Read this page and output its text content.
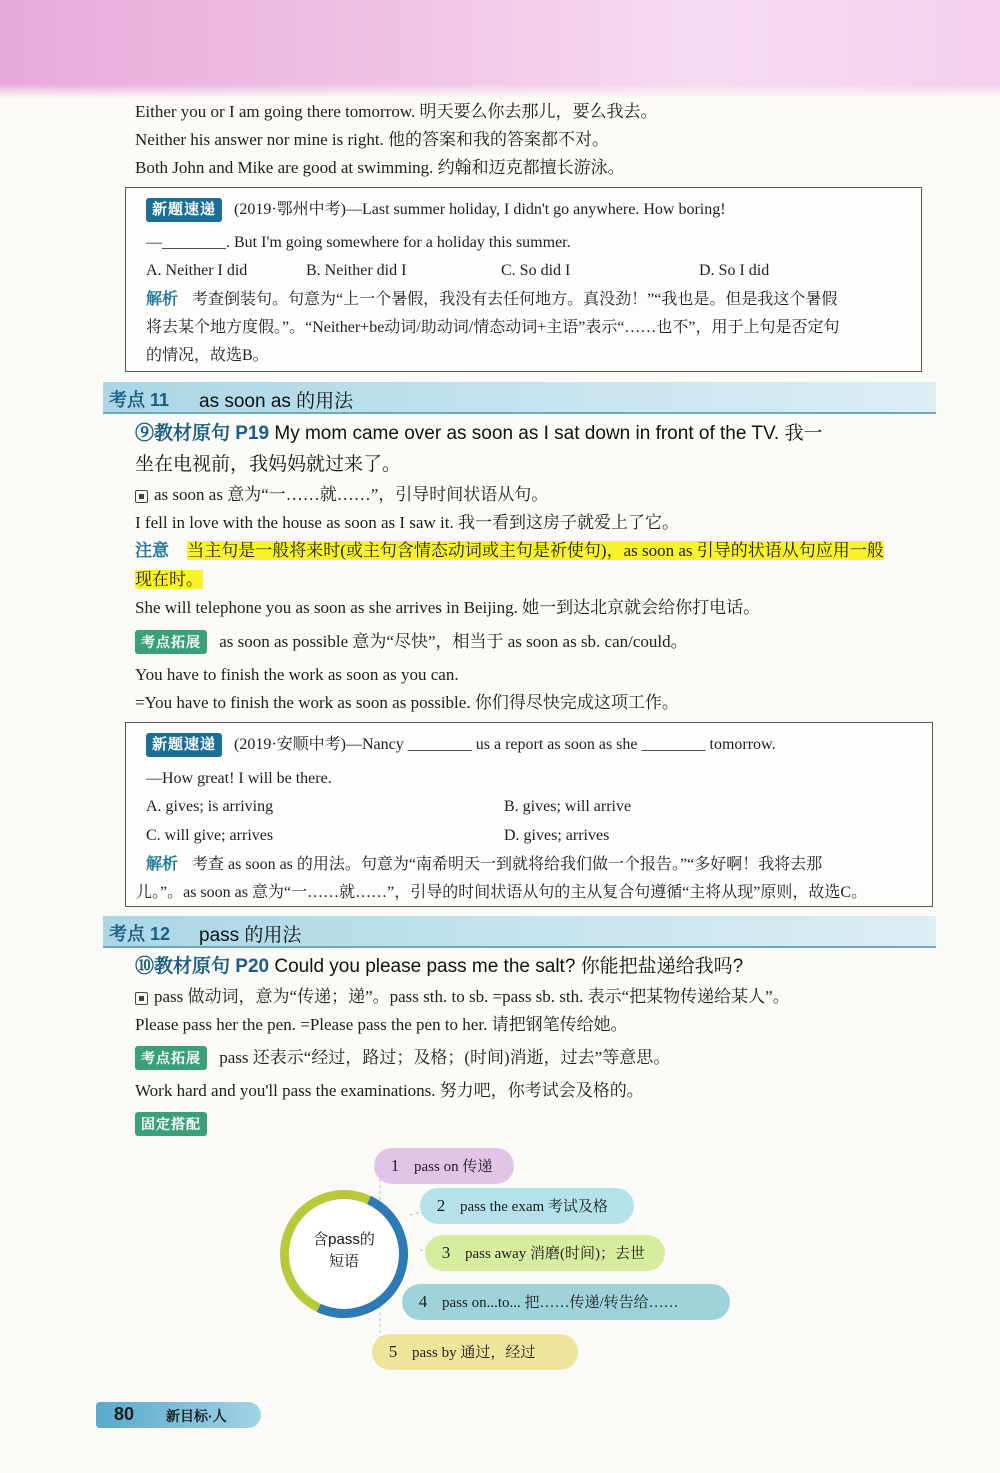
Either you or I am going there tomorrow. 明天要么你去那儿，要么我去。
Neither his answer nor mine is right. 他的答案和我的答案都不对。
Both John and Mike are good at swimming. 约翰和迈克都擅长游泳。
新题速递 (2019·鄂州中考)—Last summer holiday, I didn't go anywhere. How boring!
—________. But I'm going somewhere for a holiday this summer.
A. Neither I did	B. Neither did I	C. So did I	D. So I did
解析 考查倒装句。句意为“上一个暑假，我没有去任何地方。真没劲！”“我也是。但是我这个暑假
将去某个地方度假。”。“Neither+be动词/助动词/情态动词+主语”表示“……也不”，用于上句是否定句
的情况，故选B。
考点 11 as soon as 的用法
⑨教材原句 P19 My mom came over as soon as I sat down in front of the TV. 我一
坐在电视前，我妈妈就过来了。
as soon as 意为“一……就……”，引导时间状语从句。
I fell in love with the house as soon as I saw it. 我一看到这房子就爱上了它。
注意 当主句是一般将来时(或主句含情态动词或主句是祈使句)，as soon as 引导的状语从句应用一般
现在时。
She will telephone you as soon as she arrives in Beijing. 她一到达北京就会给你打电话。
考点拓展 as soon as possible 意为“尽快”，相当于 as soon as sb. can/could。
You have to finish the work as soon as you can.
=You have to finish the work as soon as possible. 你们得尽快完成这项工作。
新题速递 (2019·安顺中考)—Nancy ________ us a report as soon as she ________ tomorrow.
—How great! I will be there.
A. gives; is arriving	B. gives; will arrive
C. will give; arrives	D. gives; arrives
解析 考查 as soon as 的用法。句意为“南希明天一到就将给我们做一个报告。”“多好啊！我将去那
儿。”。as soon as 意为“一……就……”，引导的时间状语从句的主从复合句遵循“主将从现”原则，故选C。
考点 12 pass 的用法
⑩教材原句 P20 Could you please pass me the salt? 你能把盐递给我吗?
pass 做动词，意为“传递；递”。pass sth. to sb. =pass sb. sth. 表示“把某物传递给某人”。
Please pass her the pen. =Please pass the pen to her. 请把钢笔传给她。
考点拓展 pass 还表示“经过，路过；及格；(时间)消逝，过去”等意思。
Work hard and you'll pass the examinations. 努力吧，你考试会及格的。
固定搭配
含pass的
短语
1 pass on 传递
2 pass the exam 考试及格
3 pass away 消磨(时间)；去世
4 pass on...to... 把……传递/转告给……
5 pass by 通过，经过
80 新目标·人
